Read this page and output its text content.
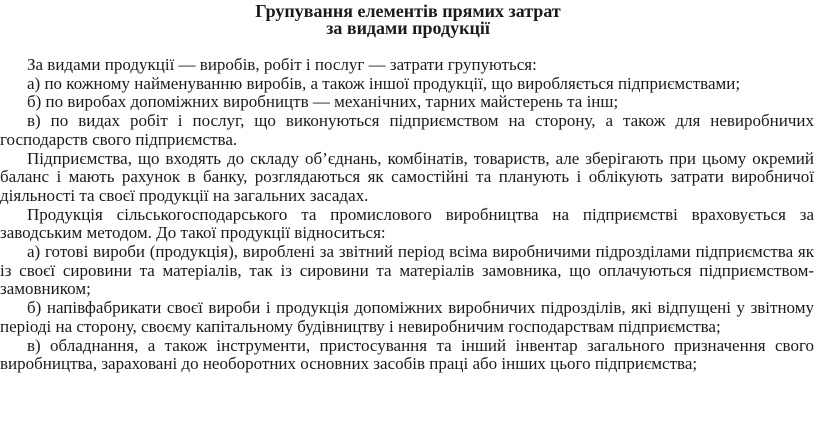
Групування елементів прямих затрат
за видами продукції

За видами продукції — виробів, робіт і послуг — затрати групуються:

а) по кожному найменуванню виробів, а також іншої продукції, що виробляється підприємствами;

б) по виробах допоміжних виробництв — механічних, тарних майстерень та інш;

в) по видах робіт і послуг, що виконуються підприємством на сторону, а також для невиробничих господарств свого підприємства.

Підприємства, що входять до складу об’єднань, комбінатів, товариств, але зберігають при цьому окремий баланс і мають рахунок в банку, розглядаються як самостійні та планують і облікують затрати виробничої діяльності та своєї продукції на загальних засадах.

Продукція сільськогосподарського та промислового виробництва на підприємстві враховується за заводським методом. До такої продукції відноситься:

а) готові вироби (продукція), вироблені за звітний період всіма виробничими підрозділами підприємства як із своєї сировини та матеріалів, так із сировини та матеріалів замовника, що оплачуються підприємством-замовником;

б) напівфабрикати своєї вироби і продукція допоміжних виробничих підрозділів, які відпущені у звітному періоді на сторону, своєму капітальному будівництву і невиробничим господарствам підприємства;

в) обладнання, а також інструменти, пристосування та інший інвентар загального призначення свого виробництва, зараховані до необоротних основних засобів праці або інших цього підприємства;
